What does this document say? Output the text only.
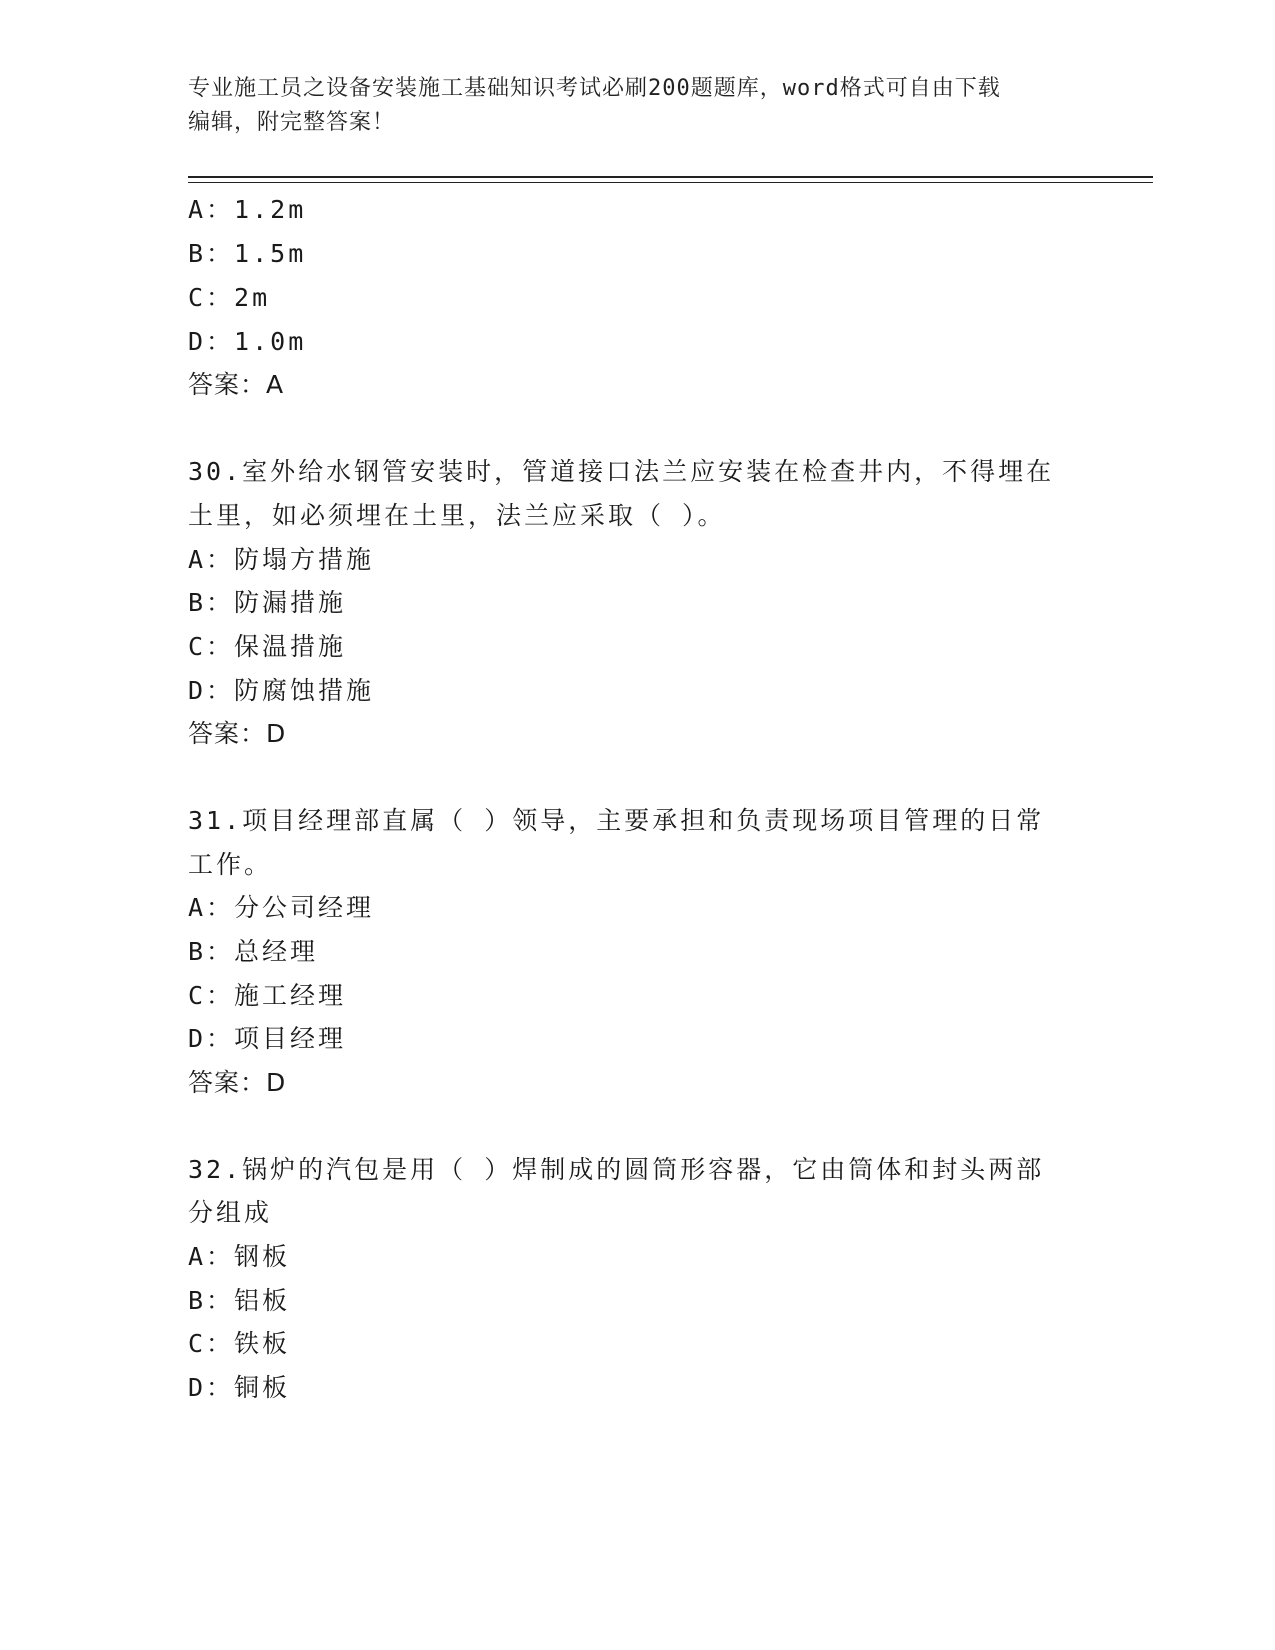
专业施工员之设备安装施工基础知识考试必刷200题题库，word格式可自由下载
编辑，附完整答案！
A：1.2m
B：1.5m
C：2m
D：1.0m
答案：A
30.室外给水钢管安装时，管道接口法兰应安装在检查井内，不得埋在
土里，如必须埋在土里，法兰应采取（ ）。
A：防塌方措施
B：防漏措施
C：保温措施
D：防腐蚀措施
答案：D
31.项目经理部直属（ ）领导，主要承担和负责现场项目管理的日常
工作。
A：分公司经理
B：总经理
C：施工经理
D：项目经理
答案：D
32.锅炉的汽包是用（ ）焊制成的圆筒形容器，它由筒体和封头两部
分组成
A：钢板
B：铝板
C：铁板
D：铜板
